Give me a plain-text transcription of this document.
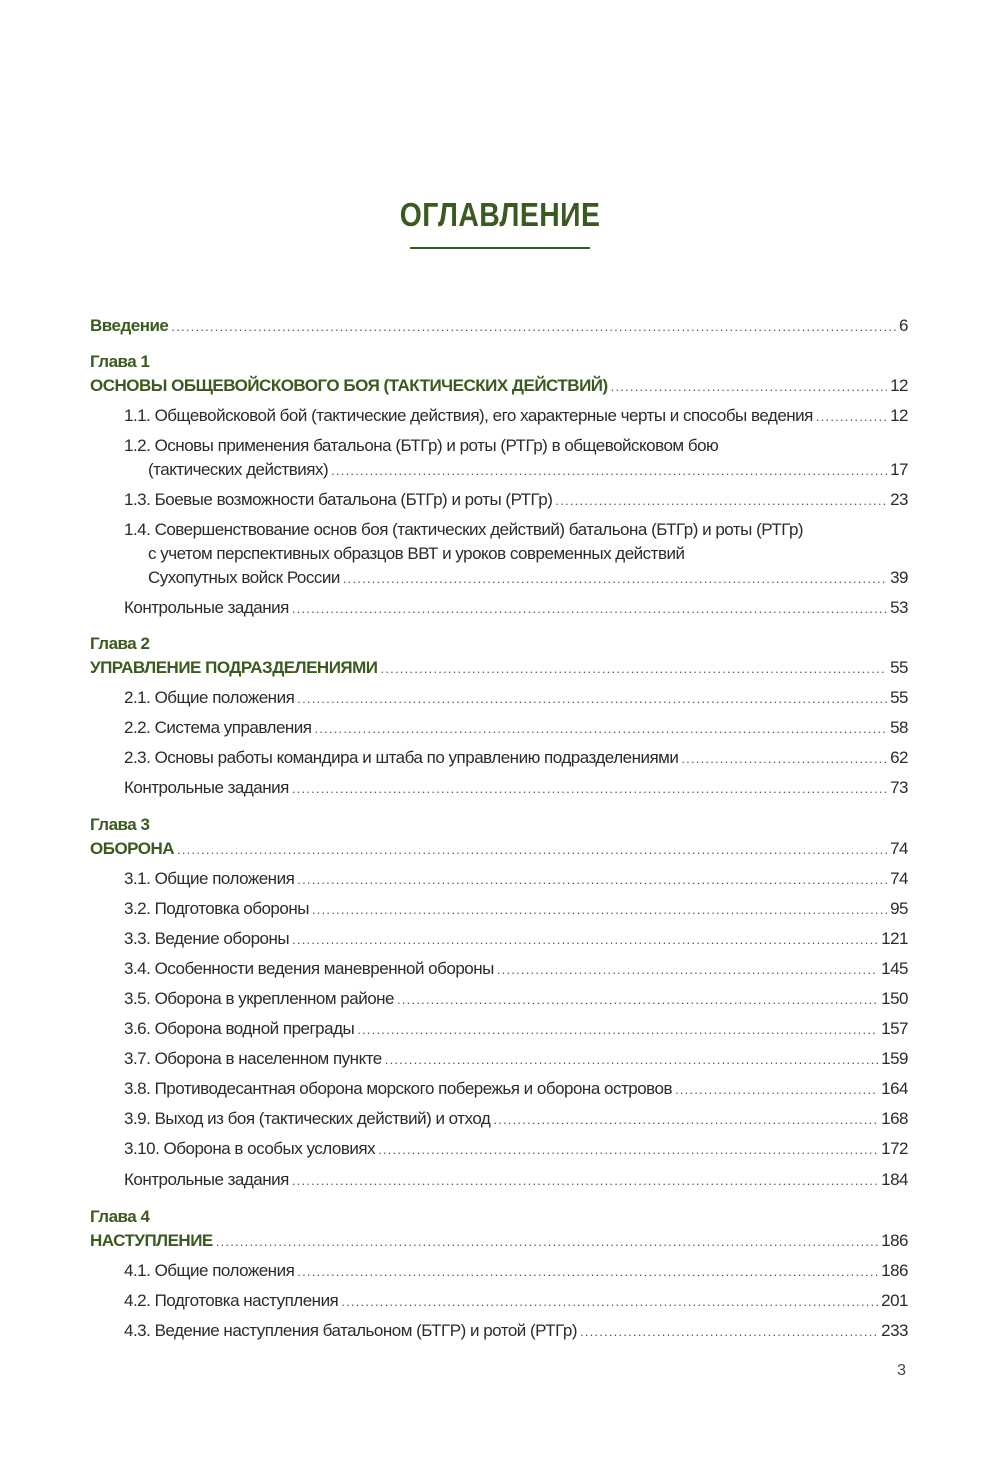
ОГЛАВЛЕНИЕ
Введение .....	6
Глава 1
ОСНОВЫ ОБЩЕВОЙСКОВОГО БОЯ (ТАКТИЧЕСКИХ ДЕЙСТВИЙ) .....	12
1.1. Общевойсковой бой (тактические действия), его характерные черты и способы ведения .....	12
1.2. Основы применения батальона (БТГр) и роты (РТГр) в общевойсковом бою
(тактических действиях) .....	17
1.3. Боевые возможности батальона (БТГр) и роты (РТГр) .....	23
1.4. Совершенствование основ боя (тактических действий) батальона (БТГр) и роты (РТГр)
с учетом перспективных образцов ВВТ и уроков современных действий
Сухопутных войск России .....	39
Контрольные задания .....	53
Глава 2
УПРАВЛЕНИЕ ПОДРАЗДЕЛЕНИЯМИ .....	55
2.1. Общие положения .....	55
2.2. Система управления .....	58
2.3. Основы работы командира и штаба по управлению подразделениями .....	62
Контрольные задания .....	73
Глава 3
ОБОРОНА .....	74
3.1. Общие положения .....	74
3.2. Подготовка обороны .....	95
3.3. Ведение обороны .....	121
3.4. Особенности ведения маневренной обороны .....	145
3.5. Оборона в укрепленном районе .....	150
3.6. Оборона водной преграды .....	157
3.7. Оборона в населенном пункте .....	159
3.8. Противодесантная оборона морского побережья и оборона островов .....	164
3.9. Выход из боя (тактических действий) и отход .....	168
3.10. Оборона в особых условиях .....	172
Контрольные задания .....	184
Глава 4
НАСТУПЛЕНИЕ .....	186
4.1. Общие положения .....	186
4.2. Подготовка наступления .....	201
4.3. Ведение наступления батальоном (БТГР) и ротой (РТГр) .....	233
3
